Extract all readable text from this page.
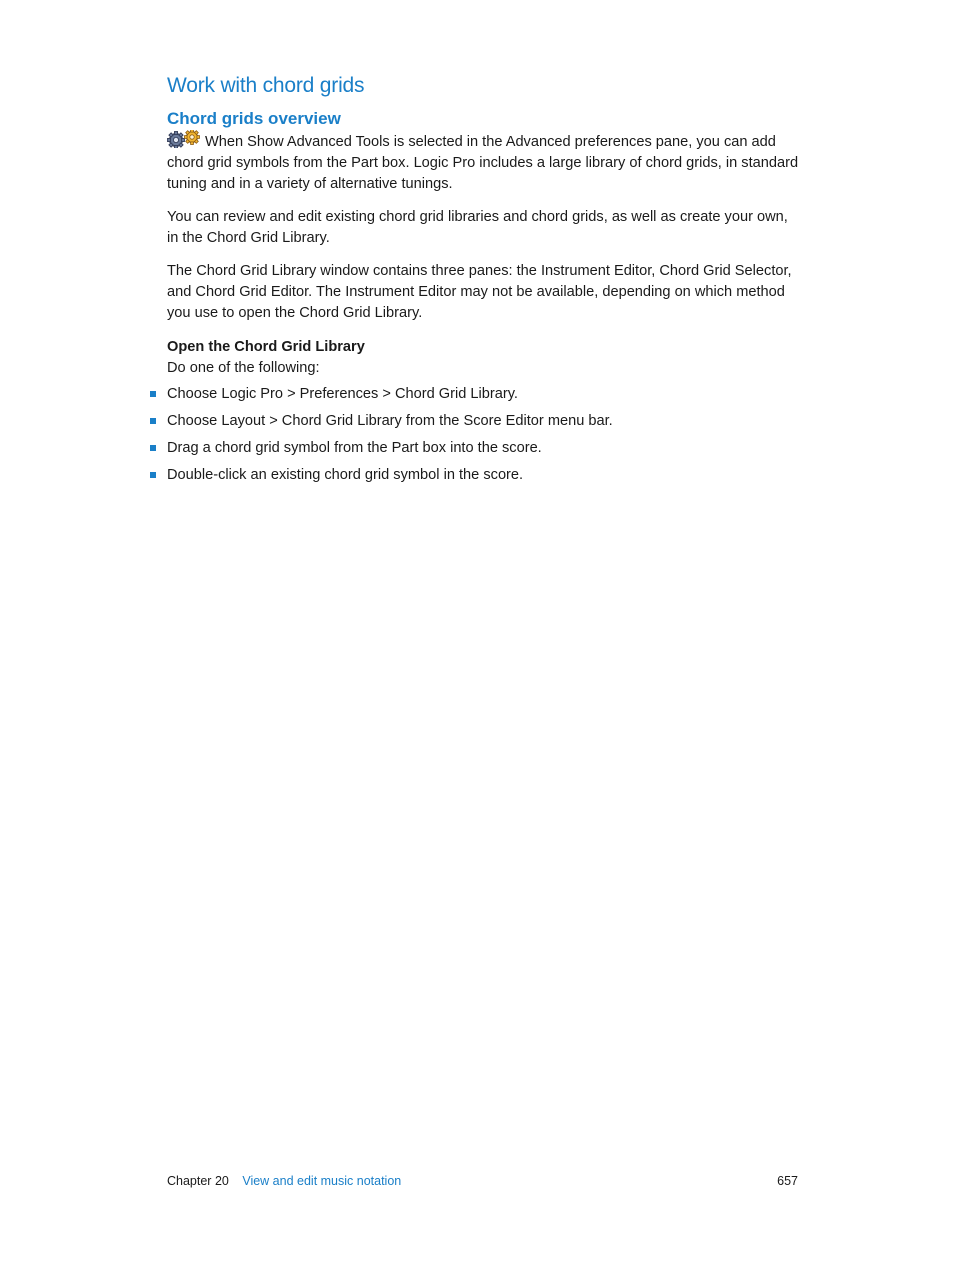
Work with chord grids
Chord grids overview

When Show Advanced Tools is selected in the Advanced preferences pane, you can add chord grid symbols from the Part box. Logic Pro includes a large library of chord grids, in standard tuning and in a variety of alternative tunings.

You can review and edit existing chord grid libraries and chord grids, as well as create your own, in the Chord Grid Library.

The Chord Grid Library window contains three panes: the Instrument Editor, Chord Grid Selector, and Chord Grid Editor. The Instrument Editor may not be available, depending on which method you use to open the Chord Grid Library.

Open the Chord Grid Library
Do one of the following:
Choose Logic Pro > Preferences > Chord Grid Library.
Choose Layout > Chord Grid Library from the Score Editor menu bar.
Drag a chord grid symbol from the Part box into the score.
Double-click an existing chord grid symbol in the score.
Chapter 20 View and edit music notation	657
